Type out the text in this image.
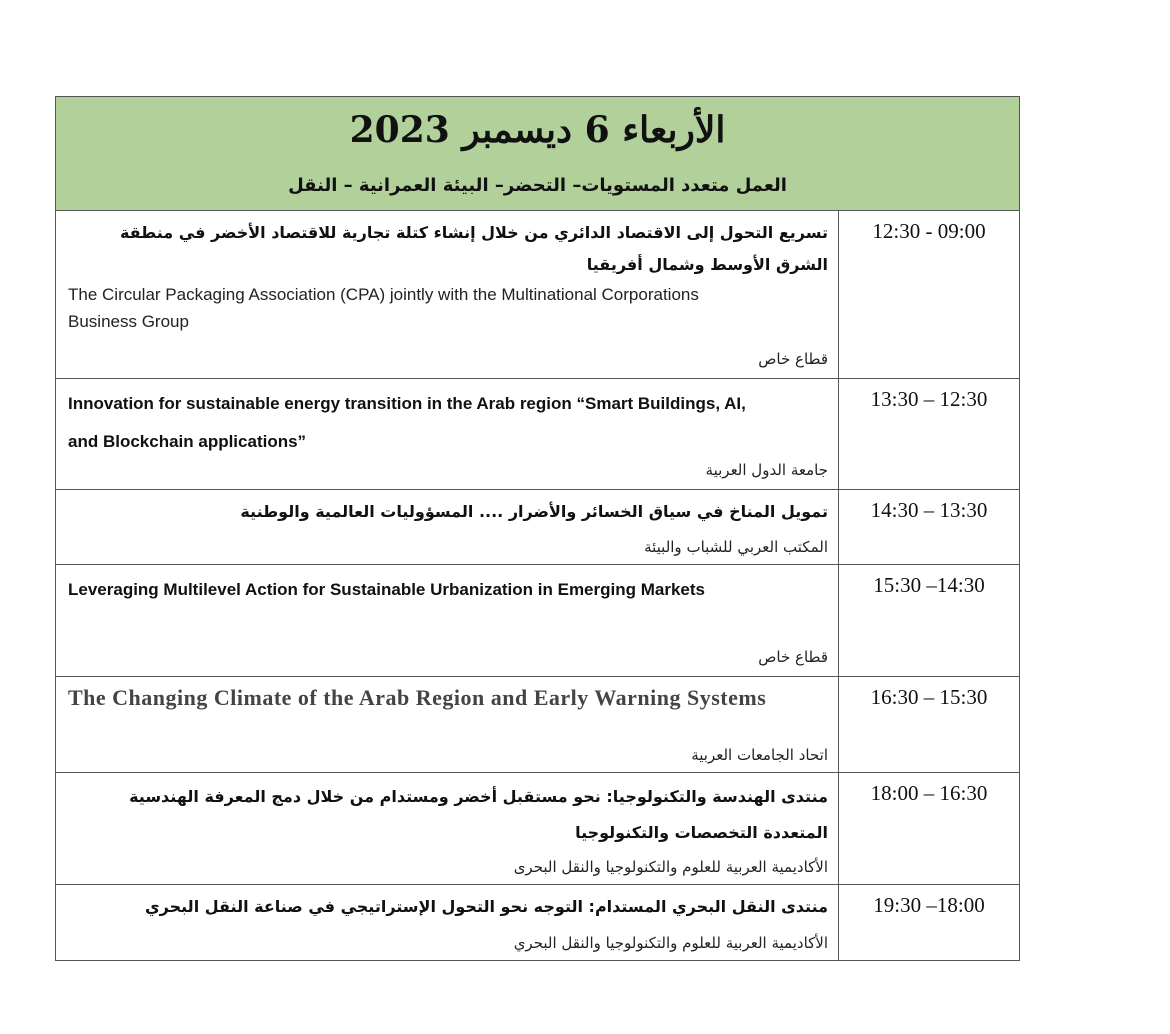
الأربعاء 6 ديسمبر 2023
العمل متعدد المستويات– التحضر– البيئة العمرانية – النقل
تسريع التحول إلى الاقتصاد الدائري من خلال إنشاء كتلة تجارية للاقتصاد الأخضر في منطقة الشرق الأوسط وشمال أفريقيا
The Circular Packaging Association (CPA) jointly with the Multinational Corporations Business Group
قطاع خاص
12:30 - 09:00
Innovation for sustainable energy transition in the Arab region “Smart Buildings, AI, and Blockchain applications”
جامعة الدول العربية
13:30 – 12:30
تمويل المناخ في سياق الخسائر والأضرار .... المسؤوليات العالمية والوطنية
المكتب العربي للشباب والبيئة
14:30 – 13:30
Leveraging Multilevel Action for Sustainable Urbanization in Emerging Markets
قطاع خاص
15:30 –14:30
The Changing Climate of the Arab Region and Early Warning Systems
اتحاد الجامعات العربية
16:30 – 15:30
منتدى الهندسة والتكنولوجيا: نحو مستقبل أخضر ومستدام من خلال دمج المعرفة الهندسية المتعددة التخصصات والتكنولوجيا
الأكاديمية العربية للعلوم والتكنولوجيا والنقل البحرى
18:00 – 16:30
منتدى النقل البحري المستدام: التوجه نحو التحول الإستراتيجي في صناعة النقل البحري
الأكاديمية العربية للعلوم والتكنولوجيا والنقل البحري
19:30 –18:00
